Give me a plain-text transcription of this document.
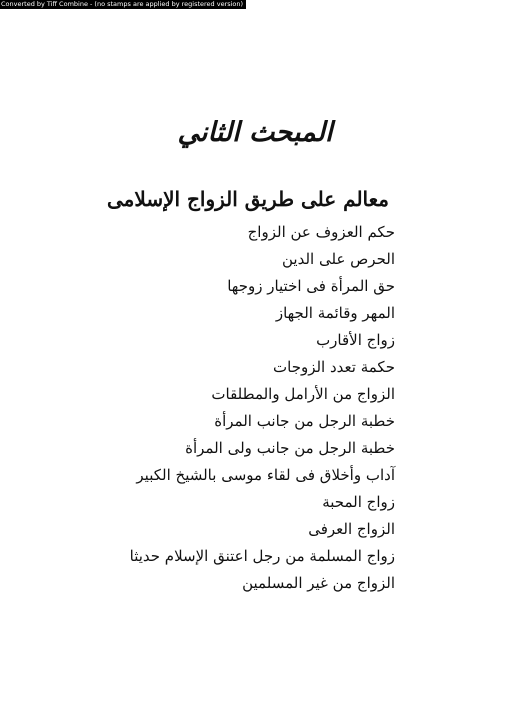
Converted by Tiff Combine - (no stamps are applied by registered version)
المبحث الثاني
معالم على طريق الزواج الإسلامى
حكم العزوف عن الزواج
الحرص على الدين
حق المرأة فى اختيار زوجها
المهر وقائمة الجهاز
زواج الأقارب
حكمة تعدد الزوجات
الزواج من الأرامل والمطلقات
خطبة الرجل من جانب المرأة
خطبة الرجل من جانب ولى المرأة
آداب وأخلاق فى لقاء موسى بالشيخ الكبير
زواج المحبة
الزواج العرفى
زواج المسلمة من رجل اعتنق الإسلام حديثا
الزواج من غير المسلمين
